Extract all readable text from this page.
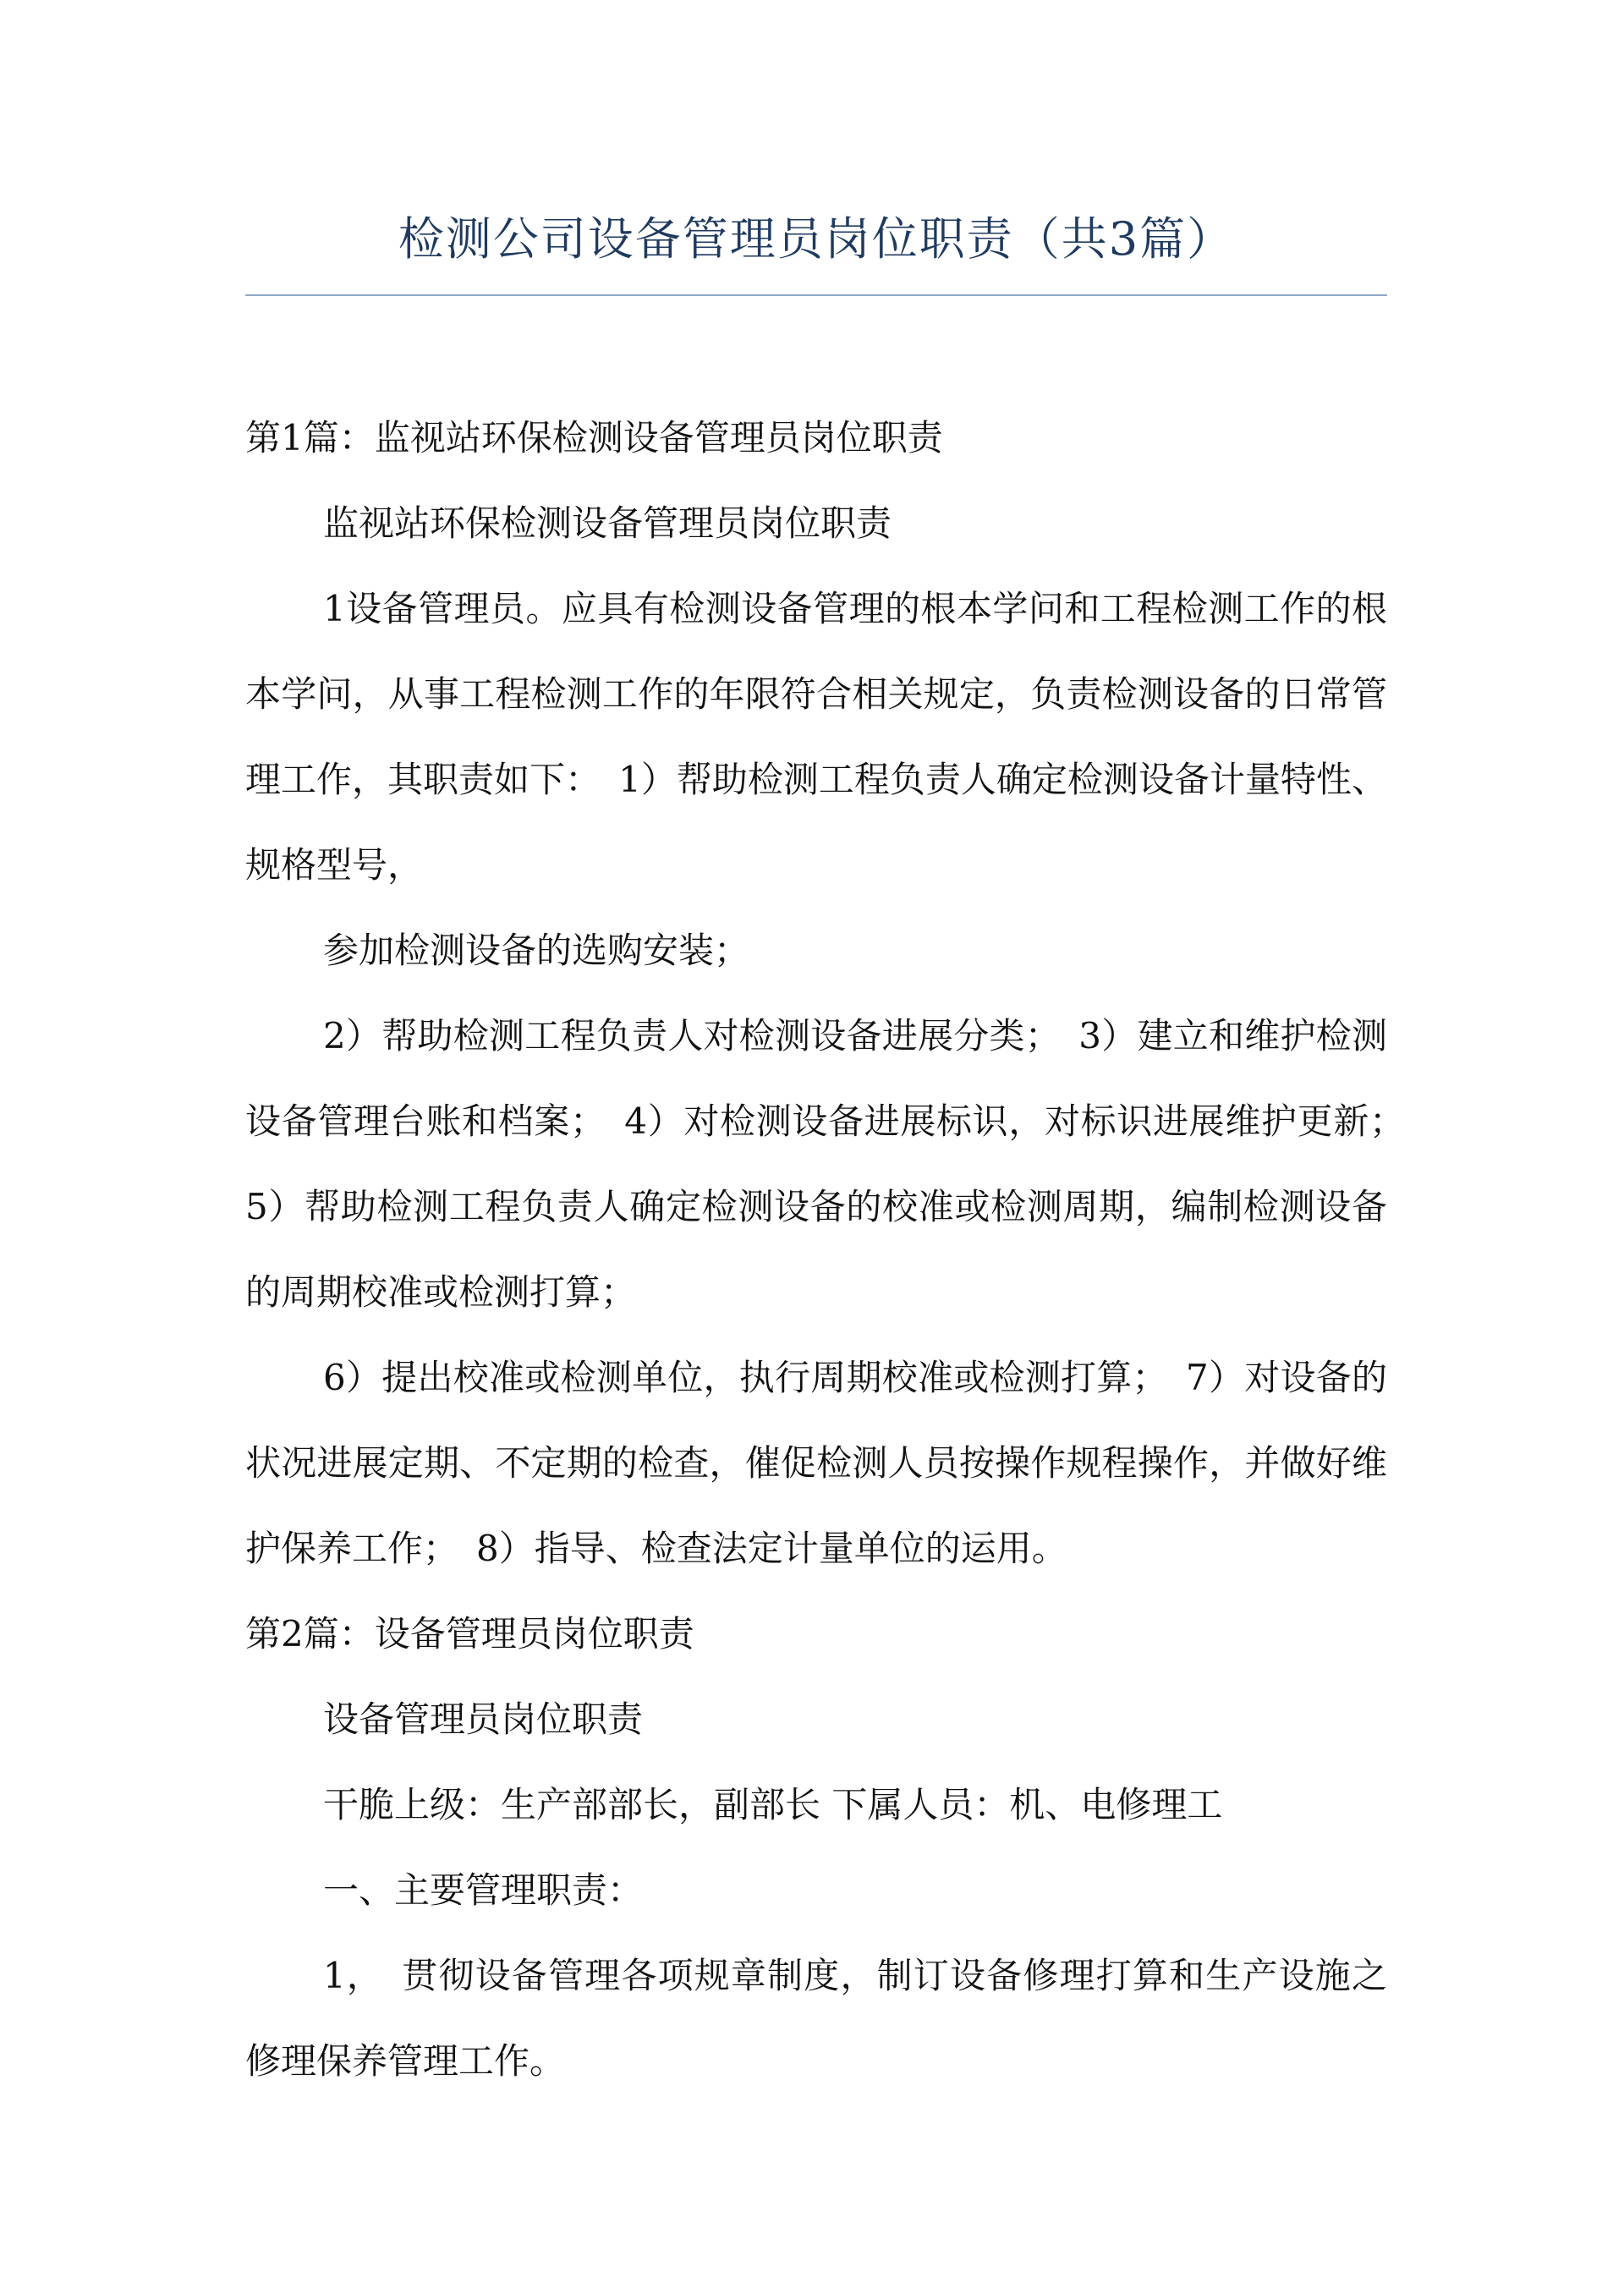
检测公司设备管理员岗位职责（共3篇）

第1篇：监视站环保检测设备管理员岗位职责

监视站环保检测设备管理员岗位职责

1设备管理员。应具有检测设备管理的根本学问和工程检测工作的根本学问，从事工程检测工作的年限符合相关规定，负责检测设备的日常管理工作，其职责如下：　1）帮助检测工程负责人确定检测设备计量特性、规格型号，

参加检测设备的选购安装；

2）帮助检测工程负责人对检测设备进展分类；　3）建立和维护检测设备管理台账和档案；　4）对检测设备进展标识，对标识进展维护更新；　5）帮助检测工程负责人确定检测设备的校准或检测周期，编制检测设备的周期校准或检测打算；

6）提出校准或检测单位，执行周期校准或检测打算；　7）对设备的状况进展定期、不定期的检查，催促检测人员按操作规程操作，并做好维护保养工作；　8）指导、检查法定计量单位的运用。

第2篇：设备管理员岗位职责

设备管理员岗位职责

干脆上级：生产部部长，副部长 下属人员：机、电修理工

一、主要管理职责：

1，　贯彻设备管理各项规章制度，制订设备修理打算和生产设施之修理保养管理工作。
